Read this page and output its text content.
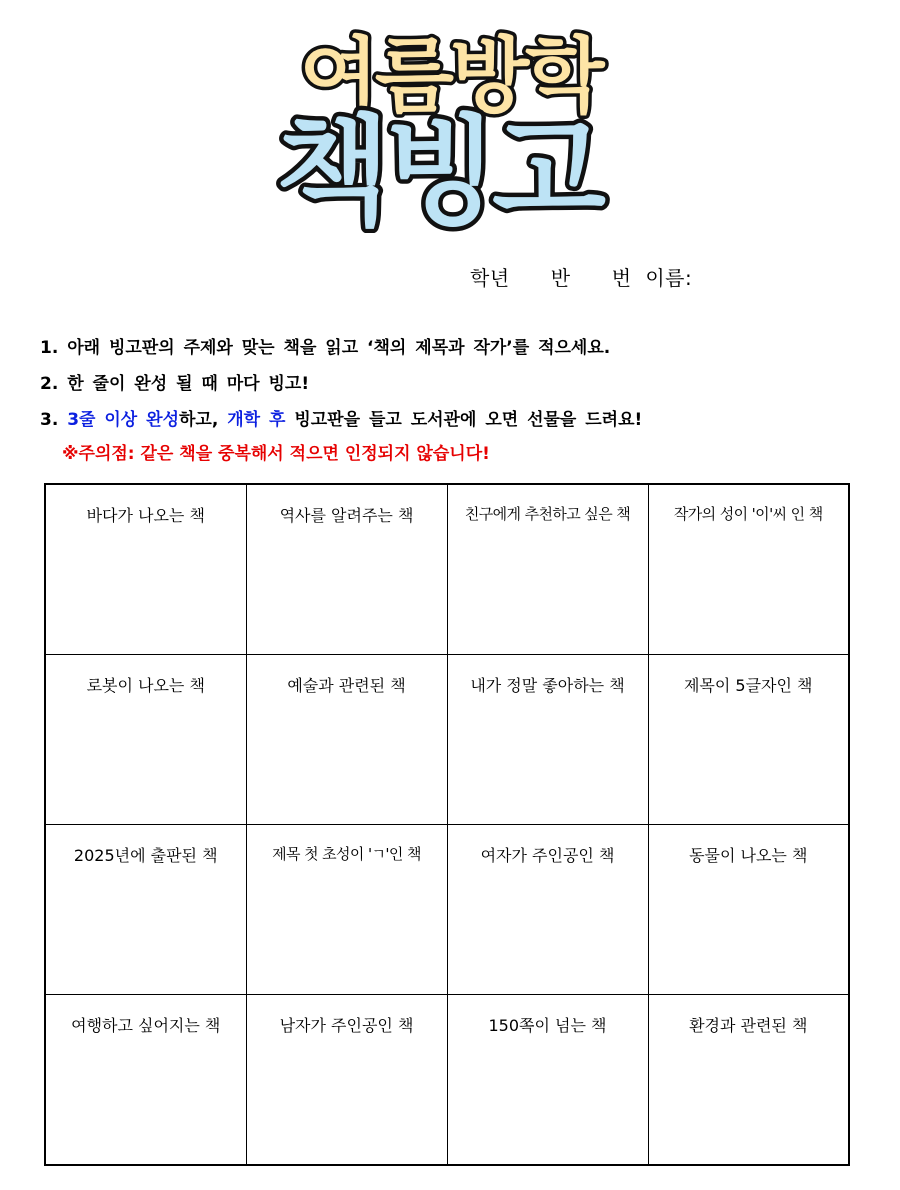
여름방학
책빙고
학년 반 번 이름:
1. 아래 빙고판의 주제와 맞는 책을 읽고 ‘책의 제목과 작가’를 적으세요.
2. 한 줄이 완성 될 때 마다 빙고!
3. 3줄 이상 완성하고, 개학 후 빙고판을 들고 도서관에 오면 선물을 드려요!
※주의점: 같은 책을 중복해서 적으면 인정되지 않습니다!
바다가 나오는 책	역사를 알려주는 책	친구에게 추천하고 싶은 책	작가의 성이 '이'씨 인 책
로봇이 나오는 책	예술과 관련된 책	내가 정말 좋아하는 책	제목이 5글자인 책
2025년에 출판된 책	제목 첫 초성이 'ㄱ'인 책	여자가 주인공인 책	동물이 나오는 책
여행하고 싶어지는 책	남자가 주인공인 책	150쪽이 넘는 책	환경과 관련된 책
